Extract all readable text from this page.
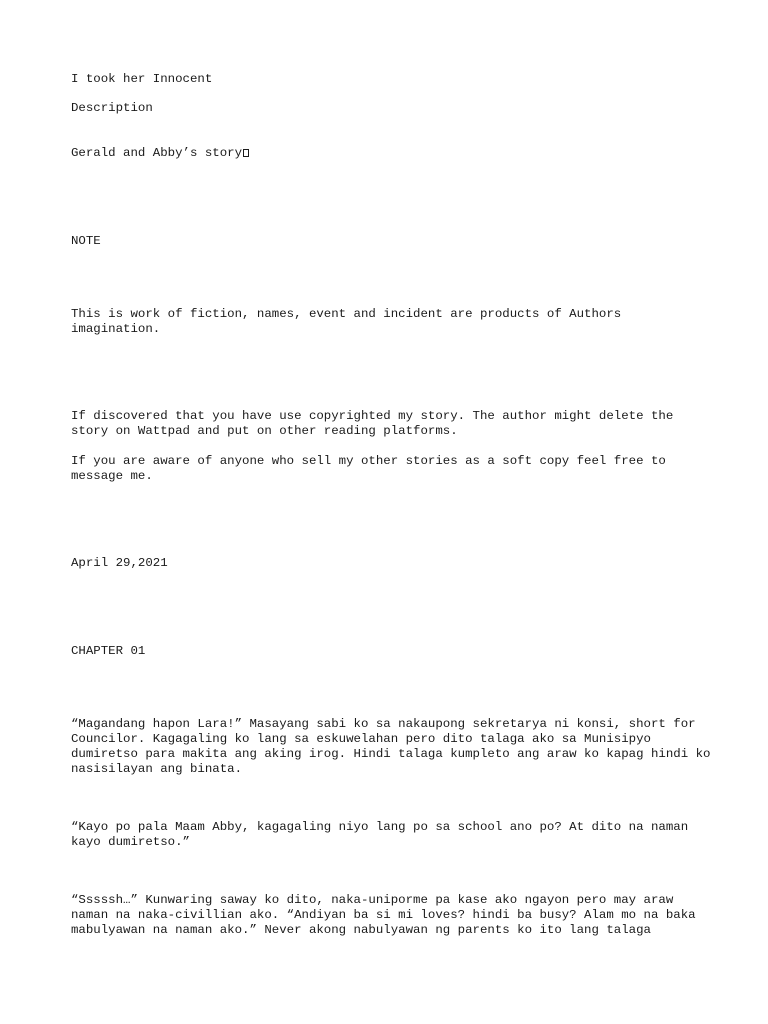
I took her Innocent

Description

Gerald and Abby’s story

NOTE

This is work of fiction, names, event and incident are products of Authors imagination.

If discovered that you have use copyrighted my story. The author might delete the story on Wattpad and put on other reading platforms.

If you are aware of anyone who sell my other stories as a soft copy feel free to message me.

April 29,2021

CHAPTER 01

“Magandang hapon Lara!” Masayang sabi ko sa nakaupong sekretarya ni konsi, short for Councilor. Kagagaling ko lang sa eskuwelahan pero dito talaga ako sa Munisipyo dumiretso para makita ang aking irog. Hindi talaga kumpleto ang araw ko kapag hindi ko nasisilayan ang binata.

“Kayo po pala Maam Abby, kagagaling niyo lang po sa school ano po? At dito na naman kayo dumiretso.”

“Sssssh…” Kunwaring saway ko dito, naka-uniporme pa kase ako ngayon pero may araw naman na naka-civillian ako. “Andiyan ba si mi loves? hindi ba busy? Alam mo na baka mabulyawan na naman ako.” Never akong nabulyawan ng parents ko ito lang talaga
